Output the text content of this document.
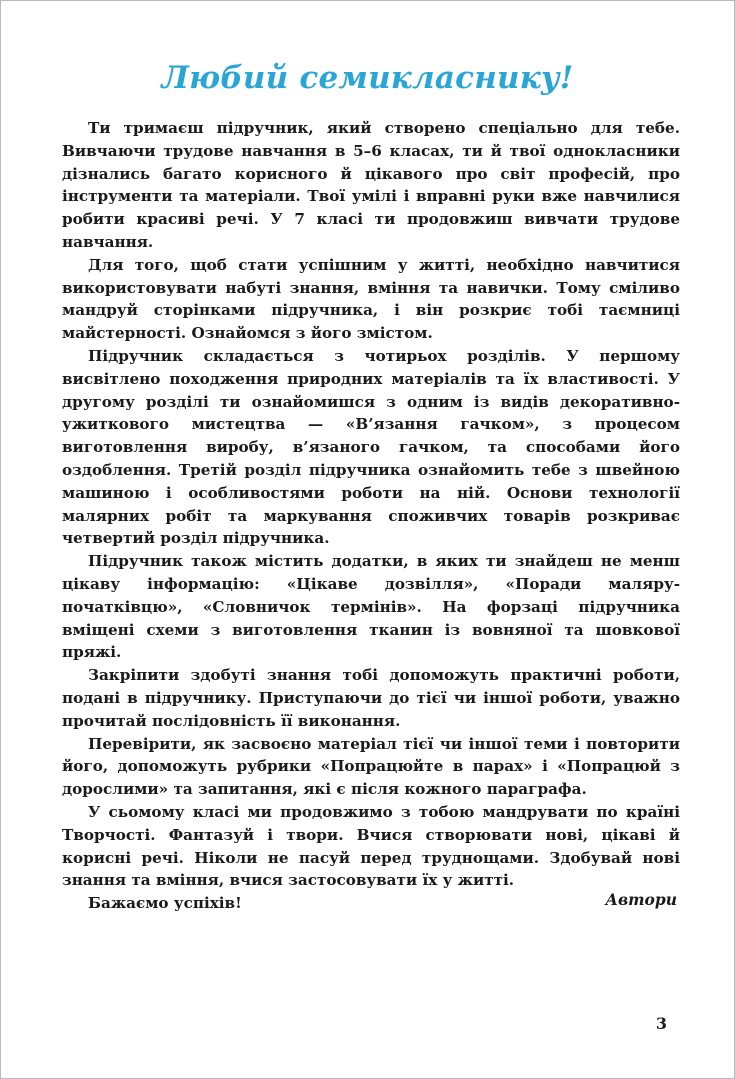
Любий семикласнику!

Ти тримаєш підручник, який створено спеціально для тебе. Вивчаючи трудове навчання в 5–6 класах, ти й твої однокласники дізнались багато корисного й цікавого про світ професій, про інструменти та матеріали. Твої умілі і вправні руки вже навчилися робити красиві речі. У 7 класі ти продовжиш вивчати трудове навчання.

Для того, щоб стати успішним у житті, необхідно навчитися використовувати набуті знання, вміння та навички. Тому сміливо мандруй сторінками підручника, і він розкриє тобі таємниці майстерності. Ознайомся з його змістом.

Підручник складається з чотирьох розділів. У першому висвітлено походження природних матеріалів та їх властивості. У другому розділі ти ознайомишся з одним із видів декоративно-ужиткового мистецтва — «В’язання гачком», з процесом виготовлення виробу, в’язаного гачком, та способами його оздоблення. Третій розділ підручника ознайомить тебе з швейною машиною і особливостями роботи на ній. Основи технології малярних робіт та маркування споживчих товарів розкриває четвертий розділ підручника.

Підручник також містить додатки, в яких ти знайдеш не менш цікаву інформацію: «Цікаве дозвілля», «Поради маляру-початківцю», «Словничок термінів». На форзаці підручника вміщені схеми з виготовлення тканин із вовняної та шовкової пряжі.

Закріпити здобуті знання тобі допоможуть практичні роботи, подані в підручнику. Приступаючи до тієї чи іншої роботи, уважно прочитай послідовність її виконання.

Перевірити, як засвоєно матеріал тієї чи іншої теми і повторити його, допоможуть рубрики «Попрацюйте в парах» і «Попрацюй з дорослими» та запитання, які є після кожного параграфа.

У сьомому класі ми продовжимо з тобою мандрувати по країні Творчості. Фантазуй і твори. Вчися створювати нові, цікаві й корисні речі. Ніколи не пасуй перед труднощами. Здобувай нові знання та вміння, вчися застосовувати їх у житті.

Бажаємо успіхів!	Автори
3
